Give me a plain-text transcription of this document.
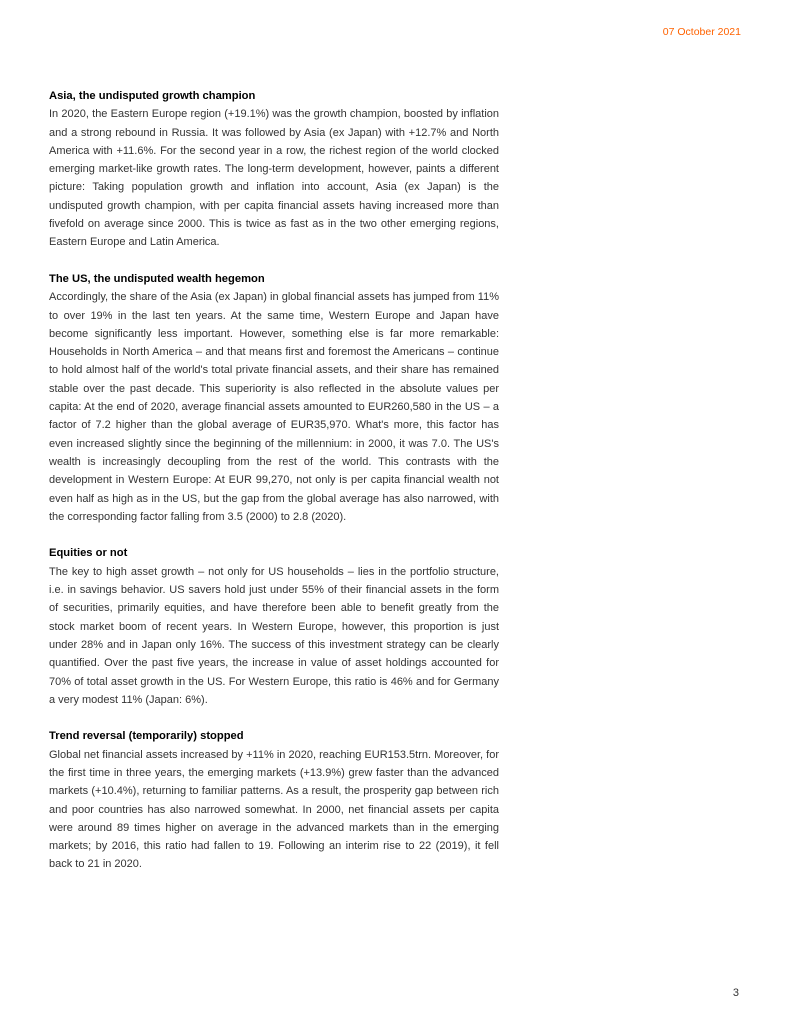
07 October 2021
Asia, the undisputed growth champion

In 2020, the Eastern Europe region (+19.1%) was the growth champion, boosted by inflation and a strong rebound in Russia. It was followed by Asia (ex Japan) with +12.7% and North America with +11.6%. For the second year in a row, the richest region of the world clocked emerging market-like growth rates. The long-term development, however, paints a different picture: Taking population growth and inflation into account, Asia (ex Japan) is the undisputed growth champion, with per capita financial assets having increased more than fivefold on average since 2000. This is twice as fast as in the two other emerging regions, Eastern Europe and Latin America.

The US, the undisputed wealth hegemon

Accordingly, the share of the Asia (ex Japan) in global financial assets has jumped from 11% to over 19% in the last ten years. At the same time, Western Europe and Japan have become significantly less important. However, something else is far more remarkable: Households in North America – and that means first and foremost the Americans – continue to hold almost half of the world's total private financial assets, and their share has remained stable over the past decade. This superiority is also reflected in the absolute values per capita: At the end of 2020, average financial assets amounted to EUR260,580 in the US – a factor of 7.2 higher than the global average of EUR35,970. What's more, this factor has even increased slightly since the beginning of the millennium: in 2000, it was 7.0. The US's wealth is increasingly decoupling from the rest of the world. This contrasts with the development in Western Europe: At EUR 99,270, not only is per capita financial wealth not even half as high as in the US, but the gap from the global average has also narrowed, with the corresponding factor falling from 3.5 (2000) to 2.8 (2020).

Equities or not

The key to high asset growth – not only for US households – lies in the portfolio structure, i.e. in savings behavior. US savers hold just under 55% of their financial assets in the form of securities, primarily equities, and have therefore been able to benefit greatly from the stock market boom of recent years. In Western Europe, however, this proportion is just under 28% and in Japan only 16%. The success of this investment strategy can be clearly quantified. Over the past five years, the increase in value of asset holdings accounted for 70% of total asset growth in the US. For Western Europe, this ratio is 46% and for Germany a very modest 11% (Japan: 6%).

Trend reversal (temporarily) stopped

Global net financial assets increased by +11% in 2020, reaching EUR153.5trn. Moreover, for the first time in three years, the emerging markets (+13.9%) grew faster than the advanced markets (+10.4%), returning to familiar patterns. As a result, the prosperity gap between rich and poor countries has also narrowed somewhat. In 2000, net financial assets per capita were around 89 times higher on average in the advanced markets than in the emerging markets; by 2016, this ratio had fallen to 19. Following an interim rise to 22 (2019), it fell back to 21 in 2020.

3
